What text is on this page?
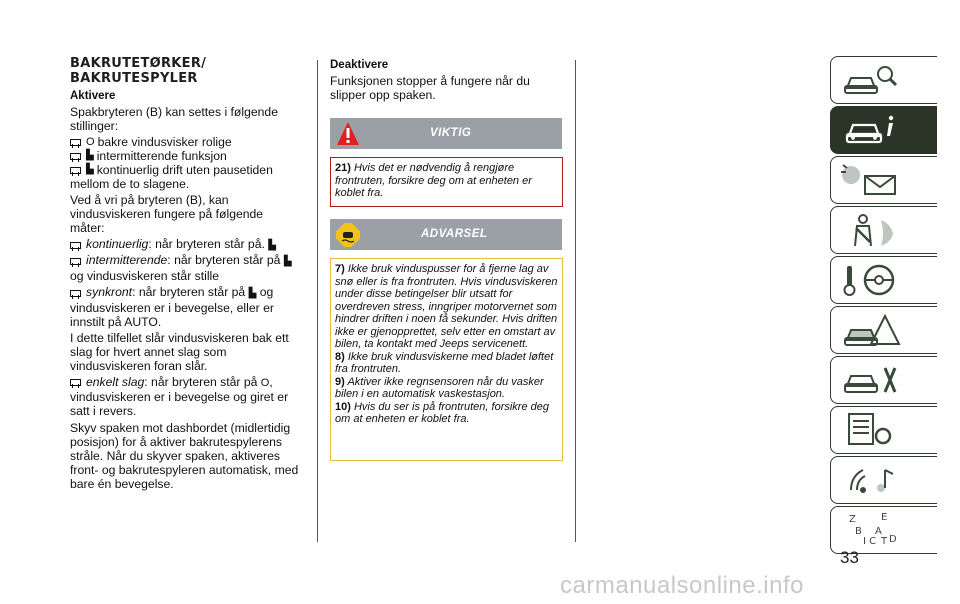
BAKRUTETØRKER/
BAKRUTESPYLER
Aktivere
Spakbryteren (B) kan settes i følgende stillinger:
O bakre vindusvisker rolige
▙ intermitterende funksjon
▙ kontinuerlig drift uten pausetiden
mellom de to slagene.
Ved å vri på bryteren (B), kan vindusviskeren fungere på følgende måter:
kontinuerlig: når bryteren står på. ▙
intermitterende: når bryteren står på ▙
og vindusviskeren står stille
synkront: når bryteren står på ▙ og
vindusviskeren er i bevegelse, eller er innstilt på AUTO.
I dette tilfellet slår vindusviskeren bak ett slag for hvert annet slag som vindusviskeren foran slår.
enkelt slag: når bryteren står på O,
vindusviskeren er i bevegelse og giret er satt i revers.
Skyv spaken mot dashbordet (midlertidig posisjon) for å aktiver bakrutespylerens stråle. Når du skyver spaken, aktiveres front- og bakrutespyleren automatisk, med bare én bevegelse.
Deaktivere
Funksjonen stopper å fungere når du slipper opp spaken.
VIKTIG
21) Hvis det er nødvendig å rengjøre frontruten, forsikre deg om at enheten er koblet fra.
ADVARSEL
7) Ikke bruk vinduspusser for å fjerne lag av snø eller is fra frontruten. Hvis vindusviskeren under disse betingelser blir utsatt for overdreven stress, inngriper motorvernet som hindrer driften i noen få sekunder. Hvis driften ikke er gjenopprettet, selv etter en omstart av bilen, ta kontakt med Jeeps servicenett.
8) Ikke bruk vindusviskerne med bladet løftet fra frontruten.
9) Aktiver ikke regnsensoren når du vasker bilen i en automatisk vaskestasjon.
10) Hvis du ser is på frontruten, forsikre deg om at enheten er koblet fra.
Z	E
B A
I C T D
33
carmanualsonline.info
